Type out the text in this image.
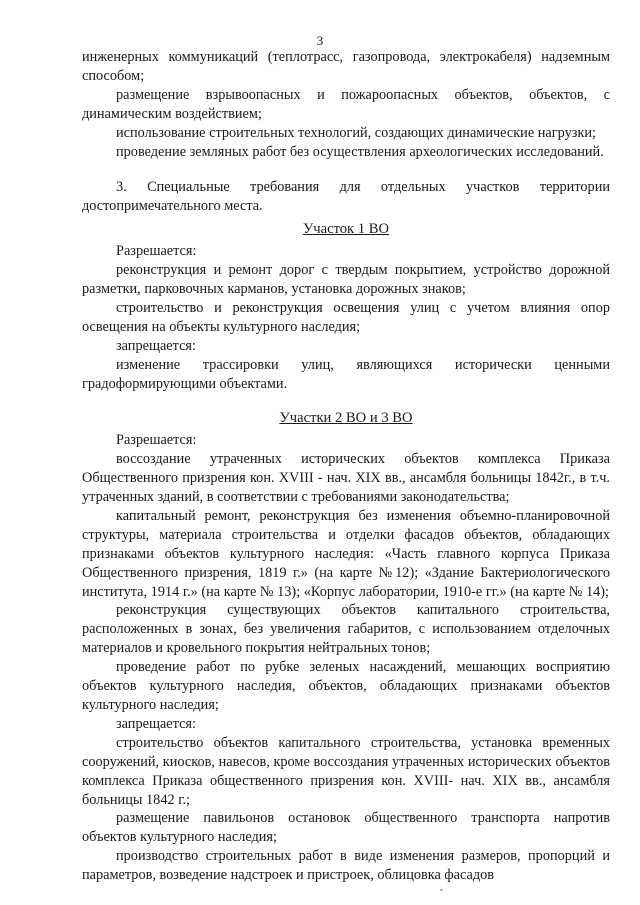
3

инженерных коммуникаций (теплотрасс, газопровода, электрокабеля) надземным способом;

размещение взрывоопасных и пожароопасных объектов, объектов, с динамическим воздействием;

использование строительных технологий, создающих динамические нагрузки;

проведение земляных работ без осуществления археологических исследований.

3. Специальные требования для отдельных участков территории достопримечательного места.

Участок 1 ВО

Разрешается:

реконструкция и ремонт дорог с твердым покрытием, устройство дорожной разметки, парковочных карманов, установка дорожных знаков;

строительство и реконструкция освещения улиц с учетом влияния опор освещения на объекты культурного наследия;

запрещается:

изменение трассировки улиц, являющихся исторически ценными градоформирующими объектами.

Участки 2 ВО и 3 ВО

Разрешается:

воссоздание утраченных исторических объектов комплекса Приказа Общественного призрения кон. XVIII - нач. XIX вв., ансамбля больницы 1842г., в т.ч. утраченных зданий, в соответствии с требованиями законодательства;

капитальный ремонт, реконструкция без изменения объемно-планировочной структуры, материала строительства и отделки фасадов объектов, обладающих признаками объектов культурного наследия: «Часть главного корпуса Приказа Общественного призрения, 1819 г.» (на карте №12); «Здание Бактериологического института, 1914 г.» (на карте № 13); «Корпус лаборатории, 1910-е гг.» (на карте № 14);

реконструкция существующих объектов капитального строительства, расположенных в зонах, без увеличения габаритов, с использованием отделочных материалов и кровельного покрытия нейтральных тонов;

проведение работ по рубке зеленых насаждений, мешающих восприятию объектов культурного наследия, объектов, обладающих признаками объектов культурного наследия;

запрещается:

строительство объектов капитального строительства, установка временных сооружений, киосков, навесов, кроме воссоздания утраченных исторических объектов комплекса Приказа общественного призрения кон. XVIII- нач. XIX вв., ансамбля больницы 1842 г.;

размещение павильонов остановок общественного транспорта напротив объектов культурного наследия;

производство строительных работ в виде изменения размеров, пропорций и параметров, возведение надстроек и пристроек, облицовка фасадов
